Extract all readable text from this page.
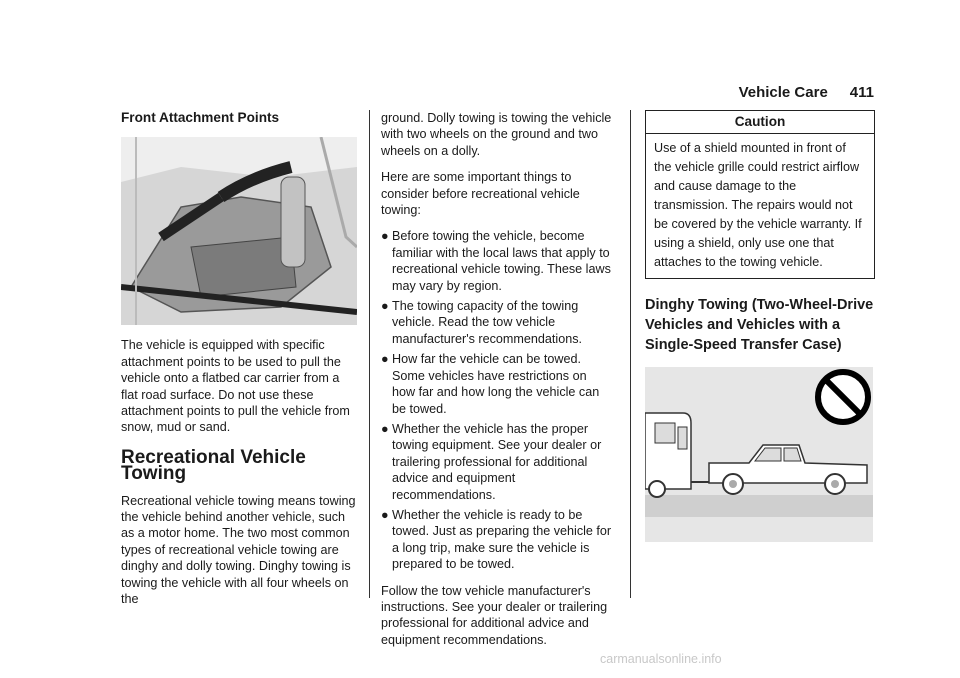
Vehicle Care 411
Front Attachment Points

The vehicle is equipped with specific attachment points to be used to pull the vehicle onto a flatbed car carrier from a flat road surface. Do not use these attachment points to pull the vehicle from snow, mud or sand.

Recreational Vehicle Towing

Recreational vehicle towing means towing the vehicle behind another vehicle, such as a motor home. The two most common types of recreational vehicle towing are dinghy and dolly towing. Dinghy towing is towing the vehicle with all four wheels on the

ground. Dolly towing is towing the vehicle with two wheels on the ground and two wheels on a dolly.

Here are some important things to consider before recreational vehicle towing:

● Before towing the vehicle, become familiar with the local laws that apply to recreational vehicle towing. These laws may vary by region.
● The towing capacity of the towing vehicle. Read the tow vehicle manufacturer's recommendations.
● How far the vehicle can be towed. Some vehicles have restrictions on how far and how long the vehicle can be towed.
● Whether the vehicle has the proper towing equipment. See your dealer or trailering professional for additional advice and equipment recommendations.
● Whether the vehicle is ready to be towed. Just as preparing the vehicle for a long trip, make sure the vehicle is prepared to be towed.

Follow the tow vehicle manufacturer's instructions. See your dealer or trailering professional for additional advice and equipment recommendations.

Caution
Use of a shield mounted in front of the vehicle grille could restrict airflow and cause damage to the transmission. The repairs would not be covered by the vehicle warranty. If using a shield, only use one that attaches to the towing vehicle.
Dinghy Towing (Two-Wheel-Drive Vehicles and Vehicles with a Single-Speed Transfer Case)
carmanualsonline.info
